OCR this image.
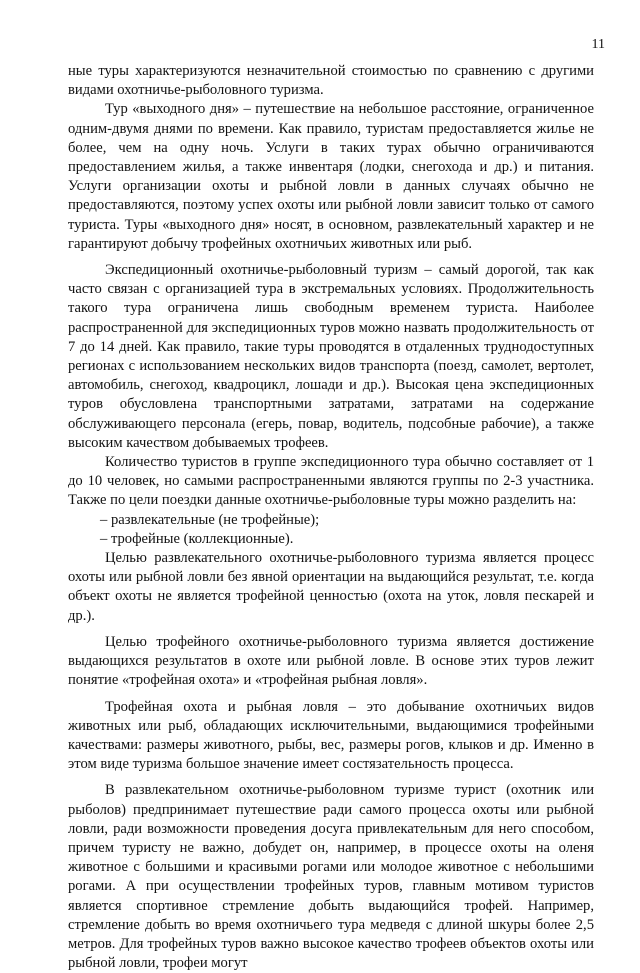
11

ные туры характеризуются незначительной стоимостью по сравнению с другими видами охотничье-рыболовного туризма.

Тур «выходного дня» – путешествие на небольшое расстояние, ограниченное одним-двумя днями по времени. Как правило, туристам предоставляется жилье не более, чем на одну ночь. Услуги в таких турах обычно ограничиваются предоставлением жилья, а также инвентаря (лодки, снегохода и др.) и питания. Услуги организации охоты и рыбной ловли в данных случаях обычно не предоставляются, поэтому успех охоты или рыбной ловли зависит только от самого туриста. Туры «выходного дня» носят, в основном, развлекательный характер и не гарантируют добычу трофейных охотничьих животных или рыб.

Экспедиционный охотничье-рыболовный туризм – самый дорогой, так как часто связан с организацией тура в экстремальных условиях. Продолжительность такого тура ограничена лишь свободным временем туриста. Наиболее распространенной для экспедиционных туров можно назвать продолжительность от 7 до 14 дней. Как правило, такие туры проводятся в отдаленных труднодоступных регионах с использованием нескольких видов транспорта (поезд, самолет, вертолет, автомобиль, снегоход, квадроцикл, лошади и др.). Высокая цена экспедиционных туров обусловлена транспортными затратами, затратами на содержание обслуживающего персонала (егерь, повар, водитель, подсобные рабочие), а также высоким качеством добываемых трофеев.

Количество туристов в группе экспедиционного тура обычно составляет от 1 до 10 человек, но самыми распространенными являются группы по 2-3 участника. Также по цели поездки данные охотничье-рыболовные туры можно разделить на:

– развлекательные (не трофейные);

– трофейные (коллекционные).

Целью развлекательного охотничье-рыболовного туризма является процесс охоты или рыбной ловли без явной ориентации на выдающийся результат, т.е. когда объект охоты не является трофейной ценностью (охота на уток, ловля пескарей и др.).

Целью трофейного охотничье-рыболовного туризма является достижение выдающихся результатов в охоте или рыбной ловле. В основе этих туров лежит понятие «трофейная охота» и «трофейная рыбная ловля».

Трофейная охота и рыбная ловля – это добывание охотничьих видов животных или рыб, обладающих исключительными, выдающимися трофейными качествами: размеры животного, рыбы, вес, размеры рогов, клыков и др. Именно в этом виде туризма большое значение имеет состязательность процесса.

В развлекательном охотничье-рыболовном туризме турист (охотник или рыболов) предпринимает путешествие ради самого процесса охоты или рыбной ловли, ради возможности проведения досуга привлекательным для него способом, причем туристу не важно, добудет он, например, в процессе охоты на оленя животное с большими и красивыми рогами или молодое животное с небольшими рогами. А при осуществлении трофейных туров, главным мотивом туристов является спортивное стремление добыть выдающийся трофей. Например, стремление добыть во время охотничьего тура медведя с длиной шкуры более 2,5 метров. Для трофейных туров важно высокое качество трофеев объектов охоты или рыбной ловли, трофеи могут
